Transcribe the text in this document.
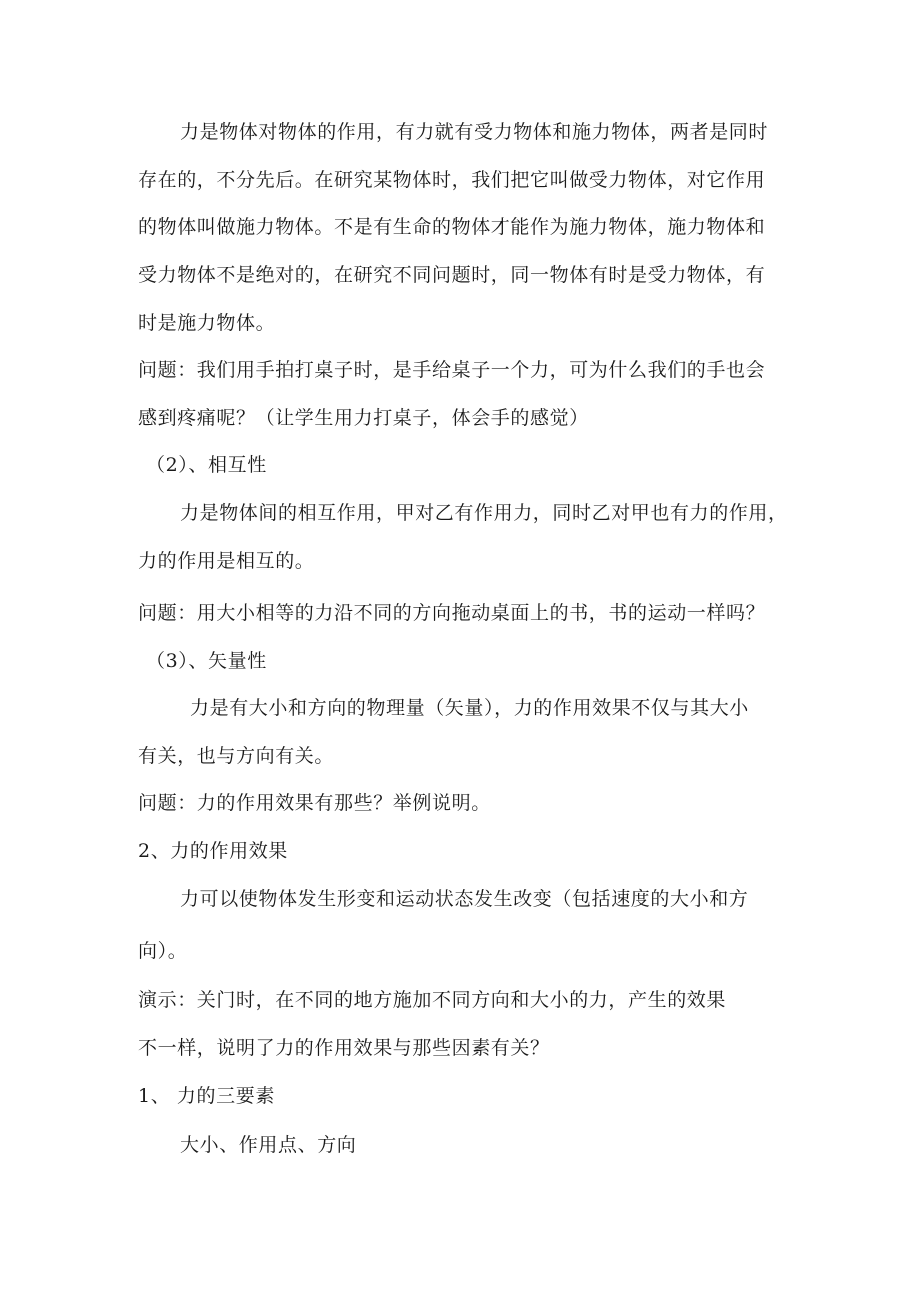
力是物体对物体的作用，有力就有受力物体和施力物体，两者是同时
存在的，不分先后。在研究某物体时，我们把它叫做受力物体，对它作用
的物体叫做施力物体。不是有生命的物体才能作为施力物体，施力物体和
受力物体不是绝对的，在研究不同问题时，同一物体有时是受力物体，有
时是施力物体。
问题：我们用手拍打桌子时，是手给桌子一个力，可为什么我们的手也会
感到疼痛呢？（让学生用力打桌子，体会手的感觉）
（2）、相互性
力是物体间的相互作用，甲对乙有作用力，同时乙对甲也有力的作用，
力的作用是相互的。
问题：用大小相等的力沿不同的方向拖动桌面上的书，书的运动一样吗？
（3）、矢量性
力是有大小和方向的物理量（矢量），力的作用效果不仅与其大小
有关，也与方向有关。
问题：力的作用效果有那些？举例说明。
2、力的作用效果
力可以使物体发生形变和运动状态发生改变（包括速度的大小和方
向）。
演示：关门时，在不同的地方施加不同方向和大小的力，产生的效果
不一样，说明了力的作用效果与那些因素有关？
1、 力的三要素
大小、作用点、方向
